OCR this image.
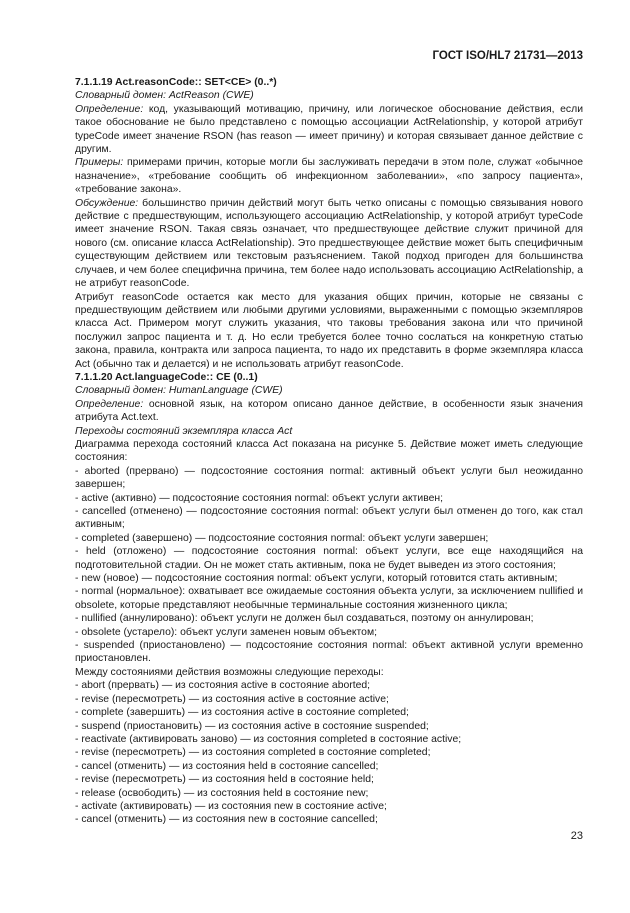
ГОСТ ISO/HL7 21731—2013

7.1.1.19 Act.reasonCode:: SET<CE> (0..*)

Словарный домен: ActReason (CWE)

Определение: код, указывающий мотивацию, причину, или логическое обоснование действия, если такое обоснование не было представлено с помощью ассоциации ActRelationship, у которой атрибут typeCode имеет значение RSON (has reason — имеет причину) и которая связывает данное действие с другим.

Примеры: примерами причин, которые могли бы заслуживать передачи в этом поле, служат «обычное назначение», «требование сообщить об инфекционном заболевании», «по запросу пациента», «требование закона».

Обсуждение: большинство причин действий могут быть четко описаны с помощью связывания нового действие с предшествующим, использующего ассоциацию ActRelationship, у которой атрибут typeCode имеет значение RSON. Такая связь означает, что предшествующее действие служит причиной для нового (см. описание класса ActRelationship). Это предшествующее действие может быть специфичным существующим действием или текстовым разъяснением. Такой подход пригоден для большинства случаев, и чем более специфична причина, тем более надо использовать ассоциацию ActRelationship, а не атрибут reasonCode.

Атрибут reasonCode остается как место для указания общих причин, которые не связаны с предшествующим действием или любыми другими условиями, выраженными с помощью экземпляров класса Act. Примером могут служить указания, что таковы требования закона или что причиной послужил запрос пациента и т. д. Но если требуется более точно сослаться на конкретную статью закона, правила, контракта или запроса пациента, то надо их представить в форме экземпляра класса Act (обычно так и делается) и не использовать атрибут reasonCode.

7.1.1.20 Act.languageCode:: CE (0..1)

Словарный домен: HumanLanguage (CWE)

Определение: основной язык, на котором описано данное действие, в особенности язык значения атрибута Act.text.

Переходы состояний экземпляра класса Act

Диаграмма перехода состояний класса Act показана на рисунке 5. Действие может иметь следующие состояния:

- aborted (прервано) — подсостояние состояния normal: активный объект услуги был неожиданно завершен;

- active (активно) — подсостояние состояния normal: объект услуги активен;

- cancelled (отменено) — подсостояние состояния normal: объект услуги был отменен до того, как стал активным;

- completed (завершено) — подсостояние состояния normal: объект услуги завершен;

- held (отложено) — подсостояние состояния normal: объект услуги, все еще находящийся на подготовительной стадии. Он не может стать активным, пока не будет выведен из этого состояния;

- new (новое) — подсостояние состояния normal: объект услуги, который готовится стать активным;

- normal (нормальное): охватывает все ожидаемые состояния объекта услуги, за исключением nullified и obsolete, которые представляют необычные терминальные состояния жизненного цикла;

- nullified (аннулировано): объект услуги не должен был создаваться, поэтому он аннулирован;

- obsolete (устарело): объект услуги заменен новым объектом;

- suspended (приостановлено) — подсостояние состояния normal: объект активной услуги временно приостановлен.

Между состояниями действия возможны следующие переходы:

- abort (прервать) — из состояния active в состояние aborted;

- revise (пересмотреть) — из состояния active в состояние active;

- complete (завершить) — из состояния active в состояние completed;

- suspend (приостановить) — из состояния active в состояние suspended;

- reactivate (активировать заново) — из состояния completed в состояние active;

- revise (пересмотреть) — из состояния completed в состояние completed;

- cancel (отменить) — из состояния held в состояние cancelled;

- revise (пересмотреть) — из состояния held в состояние held;

- release (освободить) — из состояния held в состояние new;

- activate (активировать) — из состояния new в состояние active;

- cancel (отменить) — из состояния new в состояние cancelled;

23
